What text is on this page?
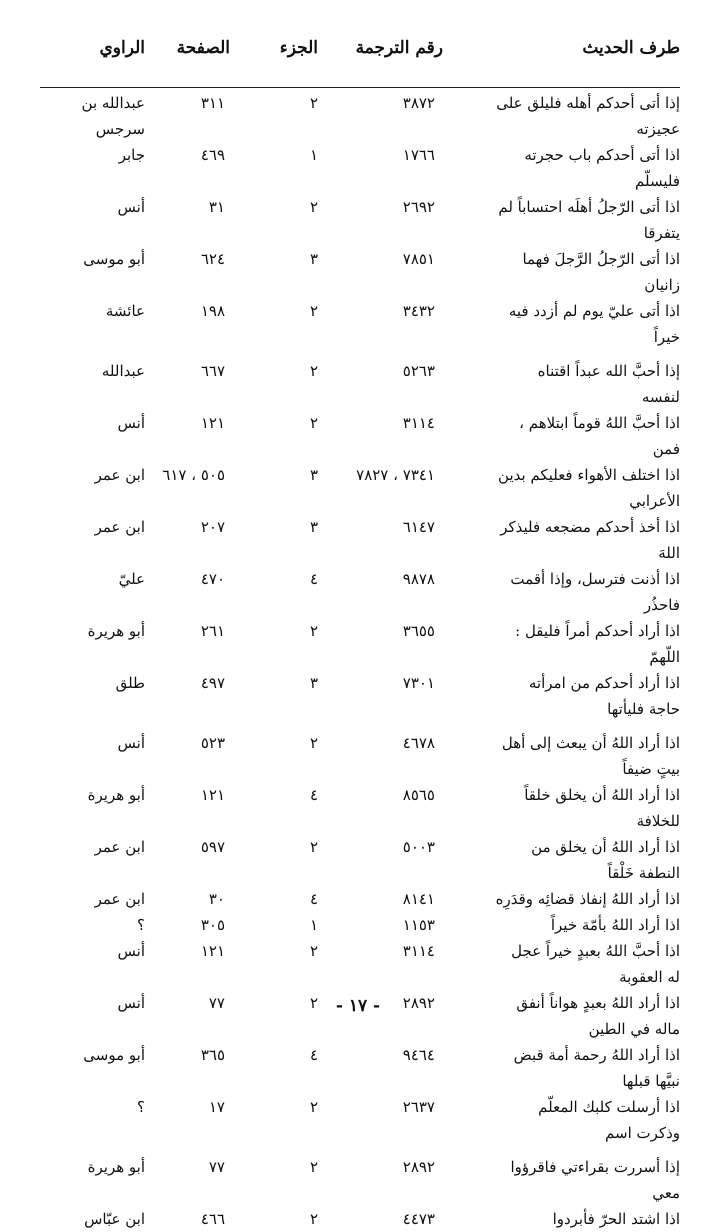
طرف الحديث
رقم الترجمة
الجزء
الصفحة
الراوي
إذا أتى أحدكم أهله فليلق على عجيزته
٣٨٧٢
٢
٣١١
عبدالله بن سرجس
اذا أتى أحدكم باب حجرته فليسلّم
١٧٦٦
١
٤٦٩
جابر
اذا أتى الرّجلُ أهلَه احتساباً لم يتفرقا
٢٦٩٢
٢
٣١
أنس
اذا أتى الرّجلُ الرَّجلَ فهما زانيان
٧٨٥١
٣
٦٢٤
أبو موسى
اذا أتى عليّ يوم لم أزدد فيه خيراً
٣٤٣٢
٢
١٩٨
عائشة
إذا أحبَّ الله عبداً اقتناه لنفسه
٥٢٦٣
٢
٦٦٧
عبدالله
اذا أحبَّ اللهُ قوماً ابتلاهم ، فمن
٣١١٤
٢
١٢١
أنس
اذا اختلف الأهواء فعليكم بدين الأعرابي
٧٣٤١ ، ٧٨٢٧
٣
٥٠٥ ، ٦١٧
ابن عمر
اذا أخذ أحدكم مضجعه فليذكر اللهَ
٦١٤٧
٣
٢٠٧
ابن عمر
اذا أذنت فترسل، وإذا أقمت فاحذُر
٩٨٧٨
٤
٤٧٠
عليّ
اذا أراد أحدكم أمراً فليقل : اللّهمّ
٣٦٥٥
٢
٢٦١
أبو هريرة
اذا أراد أحدكم من امرأته حاجة فليأتها
٧٣٠١
٣
٤٩٧
طلق
اذا أراد اللهُ أن يبعث إلى أهل بيتٍ ضيفاً
٤٦٧٨
٢
٥٢٣
أنس
اذا أراد اللهُ أن يخلق خلقاً للخلافة
٨٥٦٥
٤
١٢١
أبو هريرة
اذا أراد اللهُ أن يخلق من النطفة خَلْقاً
٥٠٠٣
٢
٥٩٧
ابن عمر
اذا أراد اللهُ إنفاذ قضائِه وقدَرِه
٨١٤١
٤
٣٠
ابن عمر
اذا أراد اللهُ بأمّة خيراً
١١٥٣
١
٣٠٥
؟
اذا أحبَّ اللهُ بعبدٍ خيراً عجل له العقوبة
٣١١٤
٢
١٢١
أنس
اذا أراد اللهُ بعبدٍ هواناً أنفق ماله في الطين
٢٨٩٢
٢
٧٧
أنس
اذا أراد اللهُ رحمة أمة قبض نبيَّها قبلها
٩٤٦٤
٤
٣٦٥
أبو موسى
اذا أرسلت كلبك المعلّم وذكرت اسم
٢٦٣٧
٢
١٧
؟
إذا أسررت بقراءتي فاقرؤوا معي
٢٨٩٢
٢
٧٧
أبو هريرة
اذا اشتد الحرّ فأبردوا
٤٤٧٣
٢
٤٦٦
ابن عبّاس
- ١٧ -
